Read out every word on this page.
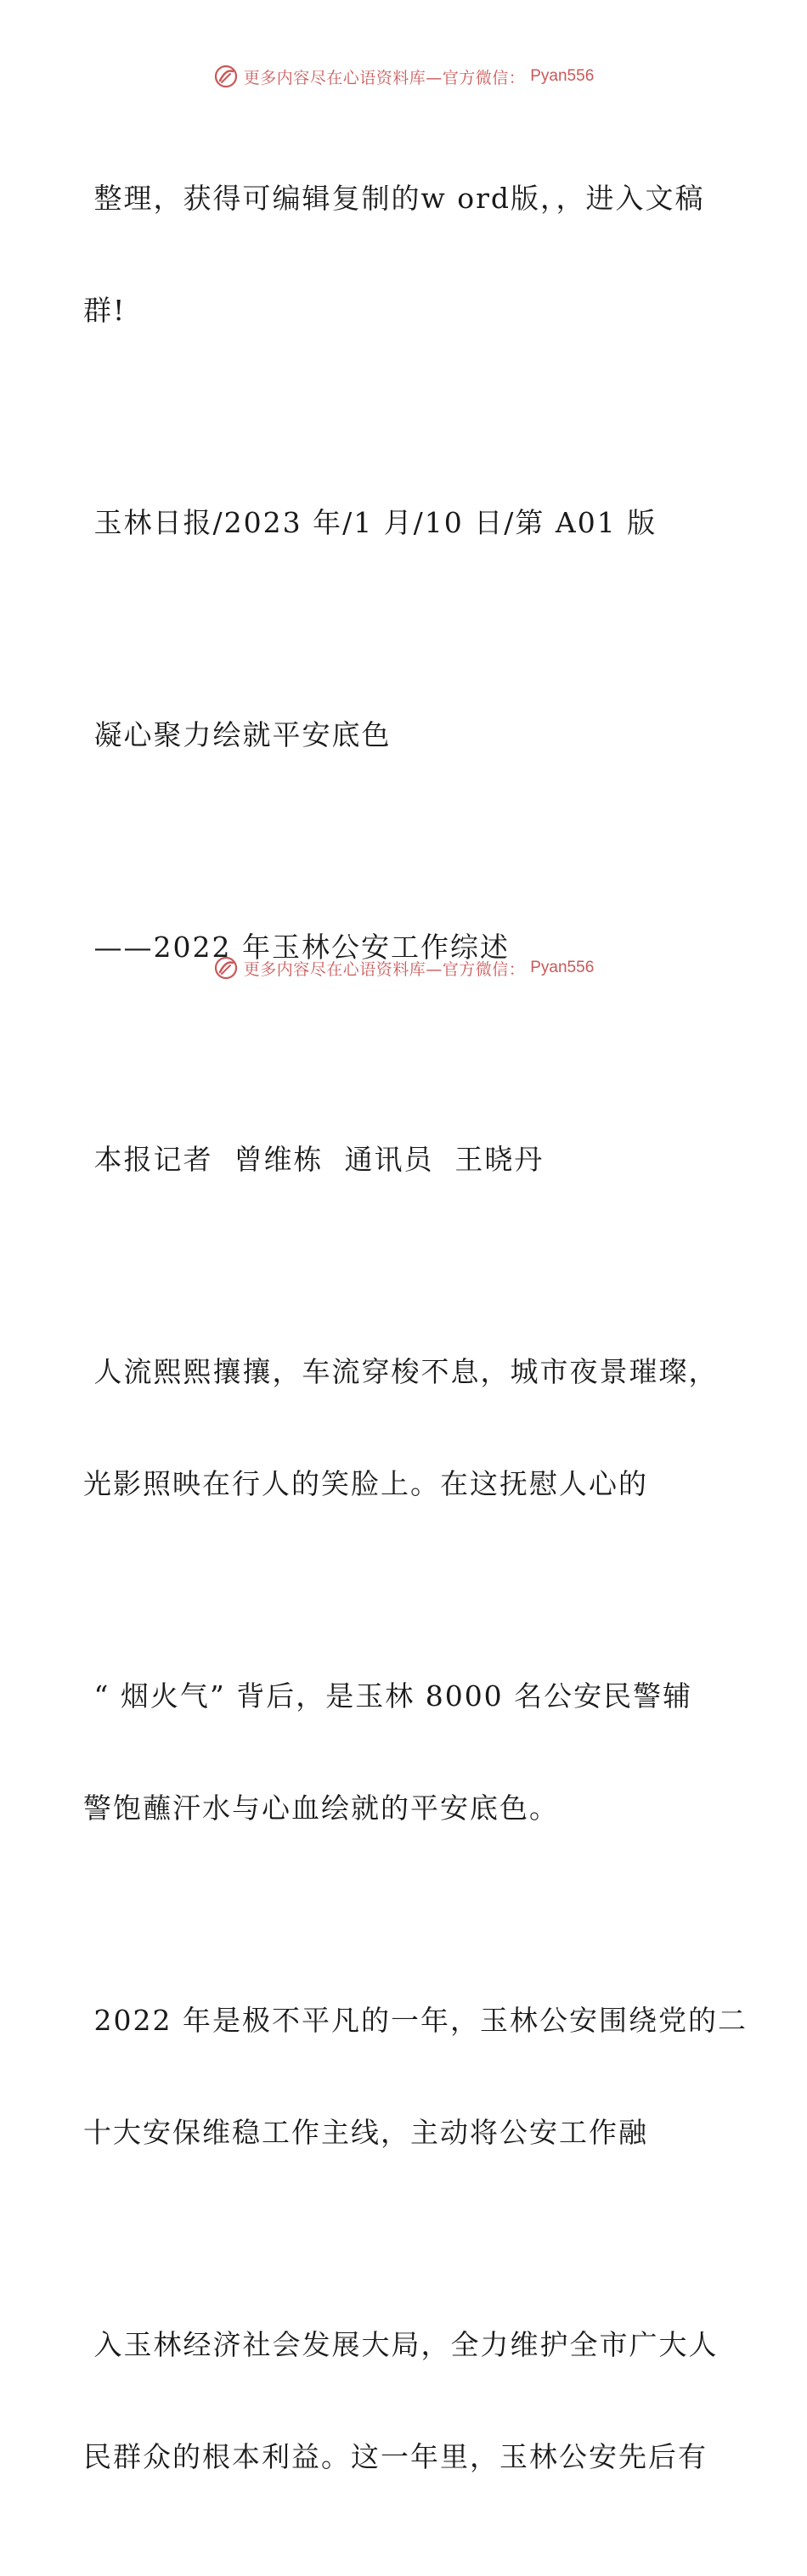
更多内容尽在心语资料库—官方微信： Pyan556

整理，获得可编辑复制的w ord版，，进入文稿

群!

玉林日报/2023 年/1 月/10 日/第 A01 版

凝心聚力绘就平安底色

——2022 年玉林公安工作综述

本报记者  曾维栋  通讯员  王晓丹

人流熙熙攘攘，车流穿梭不息，城市夜景璀璨，

光影照映在行人的笑脸上。在这抚慰人心的

“ 烟火气” 背后，是玉林 8000 名公安民警辅

警饱蘸汗水与心血绘就的平安底色。

2022 年是极不平凡的一年，玉林公安围绕党的二

十大安保维稳工作主线，主动将公安工作融

入玉林经济社会发展大局，全力维护全市广大人

民群众的根本利益。这一年里，玉林公安先后有

更多内容尽在心语资料库—官方微信： Pyan556
